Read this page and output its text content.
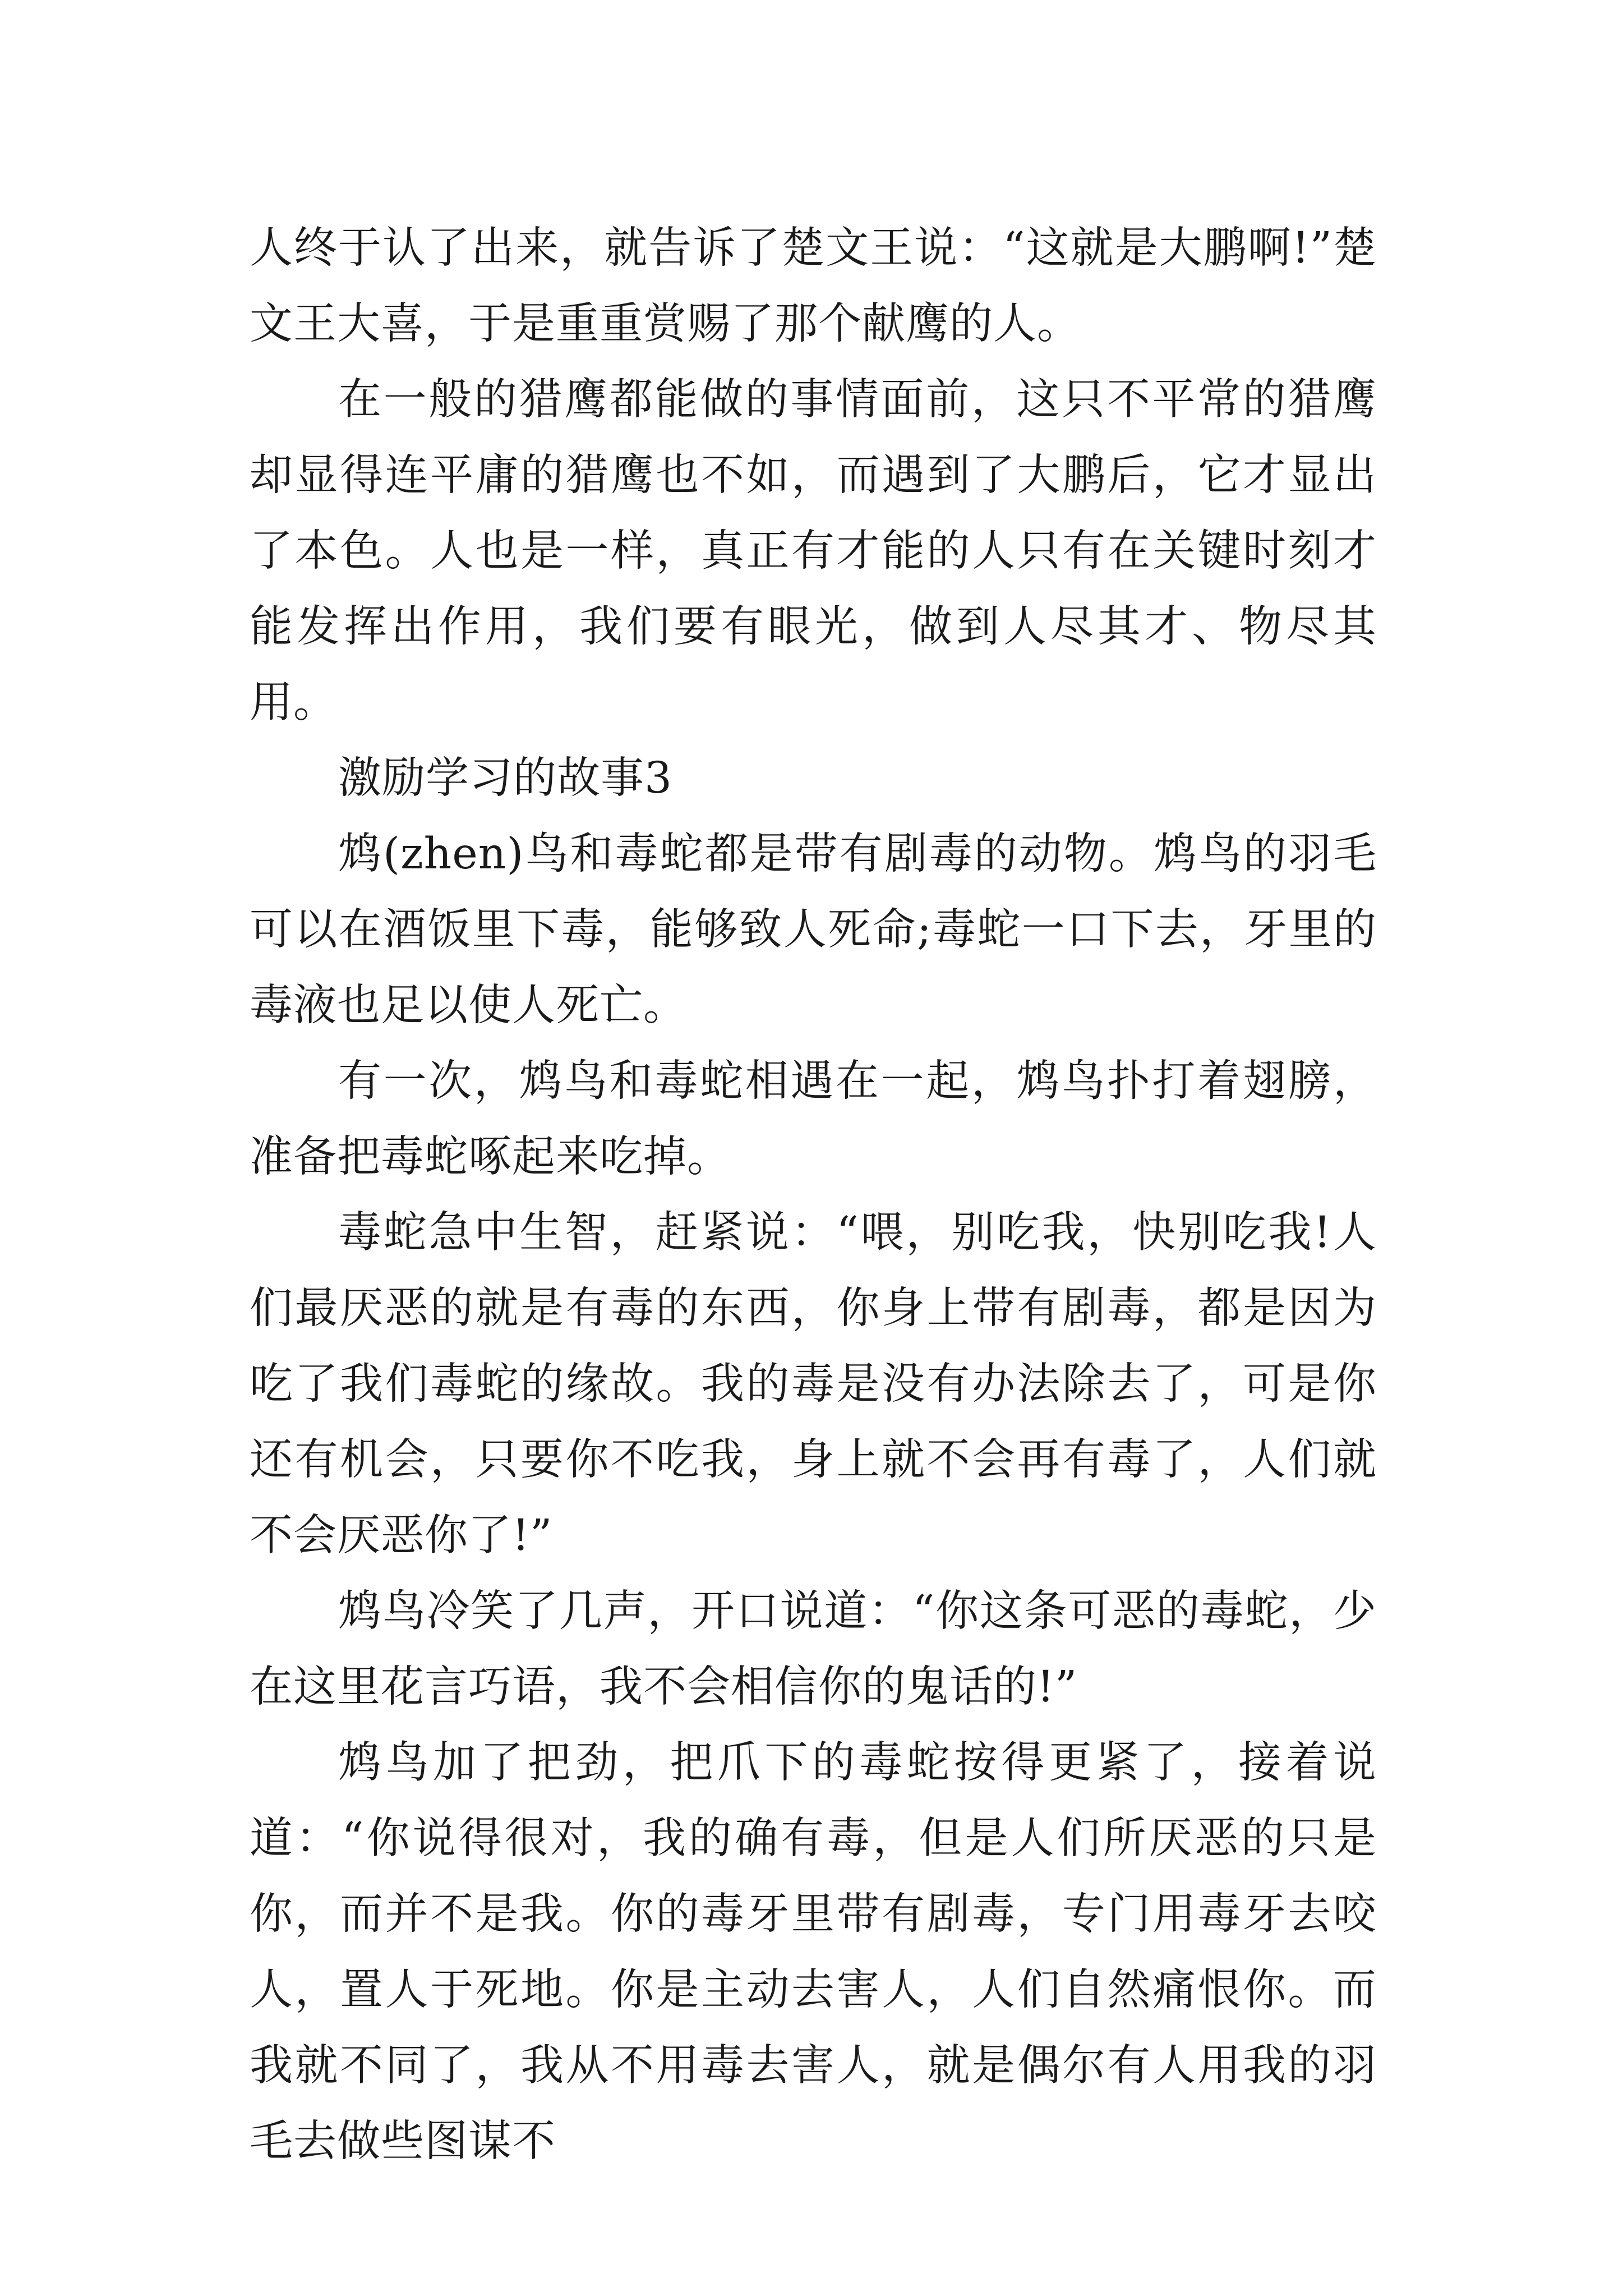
人终于认了出来，就告诉了楚文王说：“这就是大鹏啊!”楚文王大喜，于是重重赏赐了那个献鹰的人。

在一般的猎鹰都能做的事情面前，这只不平常的猎鹰却显得连平庸的猎鹰也不如，而遇到了大鹏后，它才显出了本色。人也是一样，真正有才能的人只有在关键时刻才能发挥出作用，我们要有眼光，做到人尽其才、物尽其用。

激励学习的故事3

鸩(zhen)鸟和毒蛇都是带有剧毒的动物。鸩鸟的羽毛可以在酒饭里下毒，能够致人死命;毒蛇一口下去，牙里的毒液也足以使人死亡。

有一次，鸩鸟和毒蛇相遇在一起，鸩鸟扑打着翅膀，准备把毒蛇啄起来吃掉。

毒蛇急中生智，赶紧说：“喂，别吃我，快别吃我!人们最厌恶的就是有毒的东西，你身上带有剧毒，都是因为吃了我们毒蛇的缘故。我的毒是没有办法除去了，可是你还有机会，只要你不吃我，身上就不会再有毒了，人们就不会厌恶你了!”

鸩鸟冷笑了几声，开口说道：“你这条可恶的毒蛇，少在这里花言巧语，我不会相信你的鬼话的!”

鸩鸟加了把劲，把爪下的毒蛇按得更紧了，接着说道：“你说得很对，我的确有毒，但是人们所厌恶的只是你，而并不是我。你的毒牙里带有剧毒，专门用毒牙去咬人，置人于死地。你是主动去害人，人们自然痛恨你。而我就不同了，我从不用毒去害人，就是偶尔有人用我的羽毛去做些图谋不
